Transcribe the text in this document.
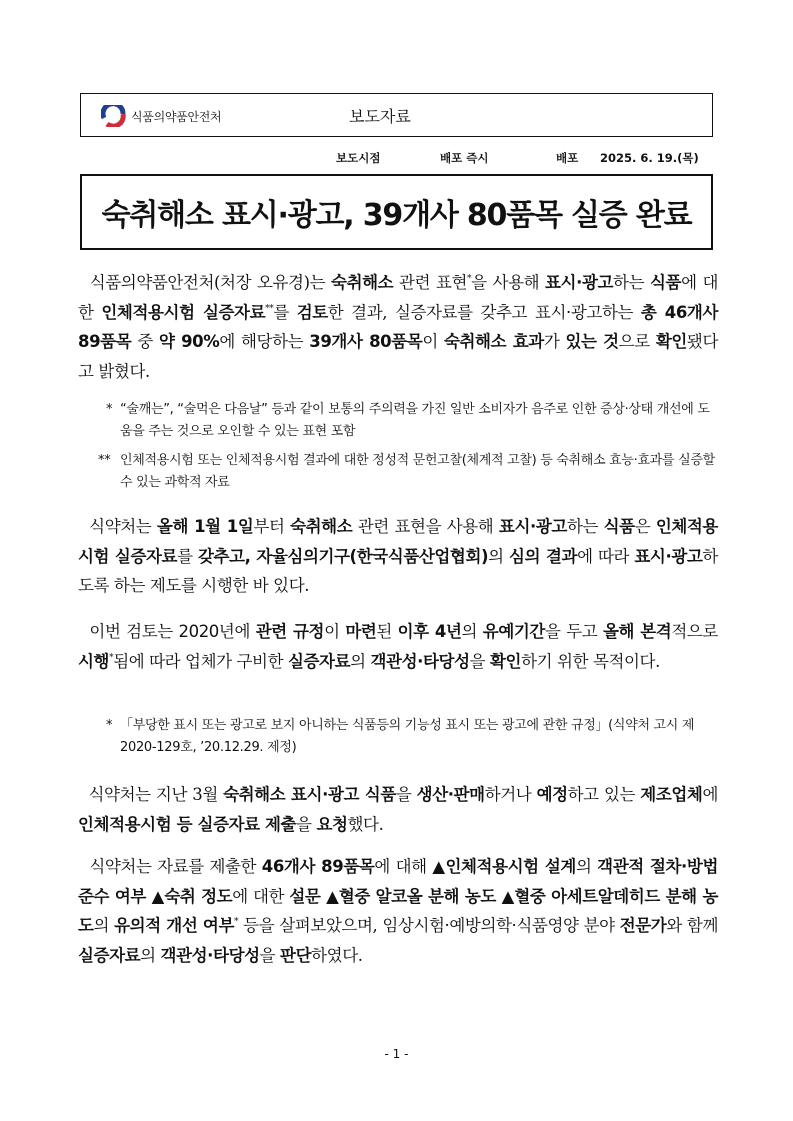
식품의약품안전처	보도자료
보도시점	배포 즉시	배포 2025. 6. 19.(목)
숙취해소 표시·광고, 39개사 80품목 실증 완료
식품의약품안전처(처장 오유경)는 숙취해소 관련 표현*을 사용해 표시·광고하는 식품에 대한 인체적용시험 실증자료**를 검토한 결과, 실증자료를 갖추고 표시·광고하는 총 46개사 89품목 중 약 90%에 해당하는 39개사 80품목이 숙취해소 효과가 있는 것으로 확인됐다고 밝혔다.
* “술깨는”, “술먹은 다음날” 등과 같이 보통의 주의력을 가진 일반 소비자가 음주로 인한 증상·상태 개선에 도움을 주는 것으로 오인할 수 있는 표현 포함
** 인체적용시험 또는 인체적용시험 결과에 대한 정성적 문헌고찰(체계적 고찰) 등 숙취해소 효능·효과를 실증할 수 있는 과학적 자료
식약처는 올해 1월 1일부터 숙취해소 관련 표현을 사용해 표시·광고하는 식품은 인체적용시험 실증자료를 갖추고, 자율심의기구(한국식품산업협회)의 심의 결과에 따라 표시·광고하도록 하는 제도를 시행한 바 있다.
이번 검토는 2020년에 관련 규정이 마련된 이후 4년의 유예기간을 두고 올해 본격적으로 시행*됨에 따라 업체가 구비한 실증자료의 객관성·타당성을 확인하기 위한 목적이다.
* 「부당한 표시 또는 광고로 보지 아니하는 식품등의 기능성 표시 또는 광고에 관한 규정」(식약처 고시 제2020-129호, ’20.12.29. 제정)
식약처는 지난 3월 숙취해소 표시·광고 식품을 생산·판매하거나 예정하고 있는 제조업체에 인체적용시험 등 실증자료 제출을 요청했다.
식약처는 자료를 제출한 46개사 89품목에 대해 ▲인체적용시험 설계의 객관적 절차·방법 준수 여부 ▲숙취 정도에 대한 설문 ▲혈중 알코올 분해 농도 ▲혈중 아세트알데히드 분해 농도의 유의적 개선 여부* 등을 살펴보았으며, 임상시험·예방의학·식품영양 분야 전문가와 함께 실증자료의 객관성·타당성을 판단하였다.
- 1 -
